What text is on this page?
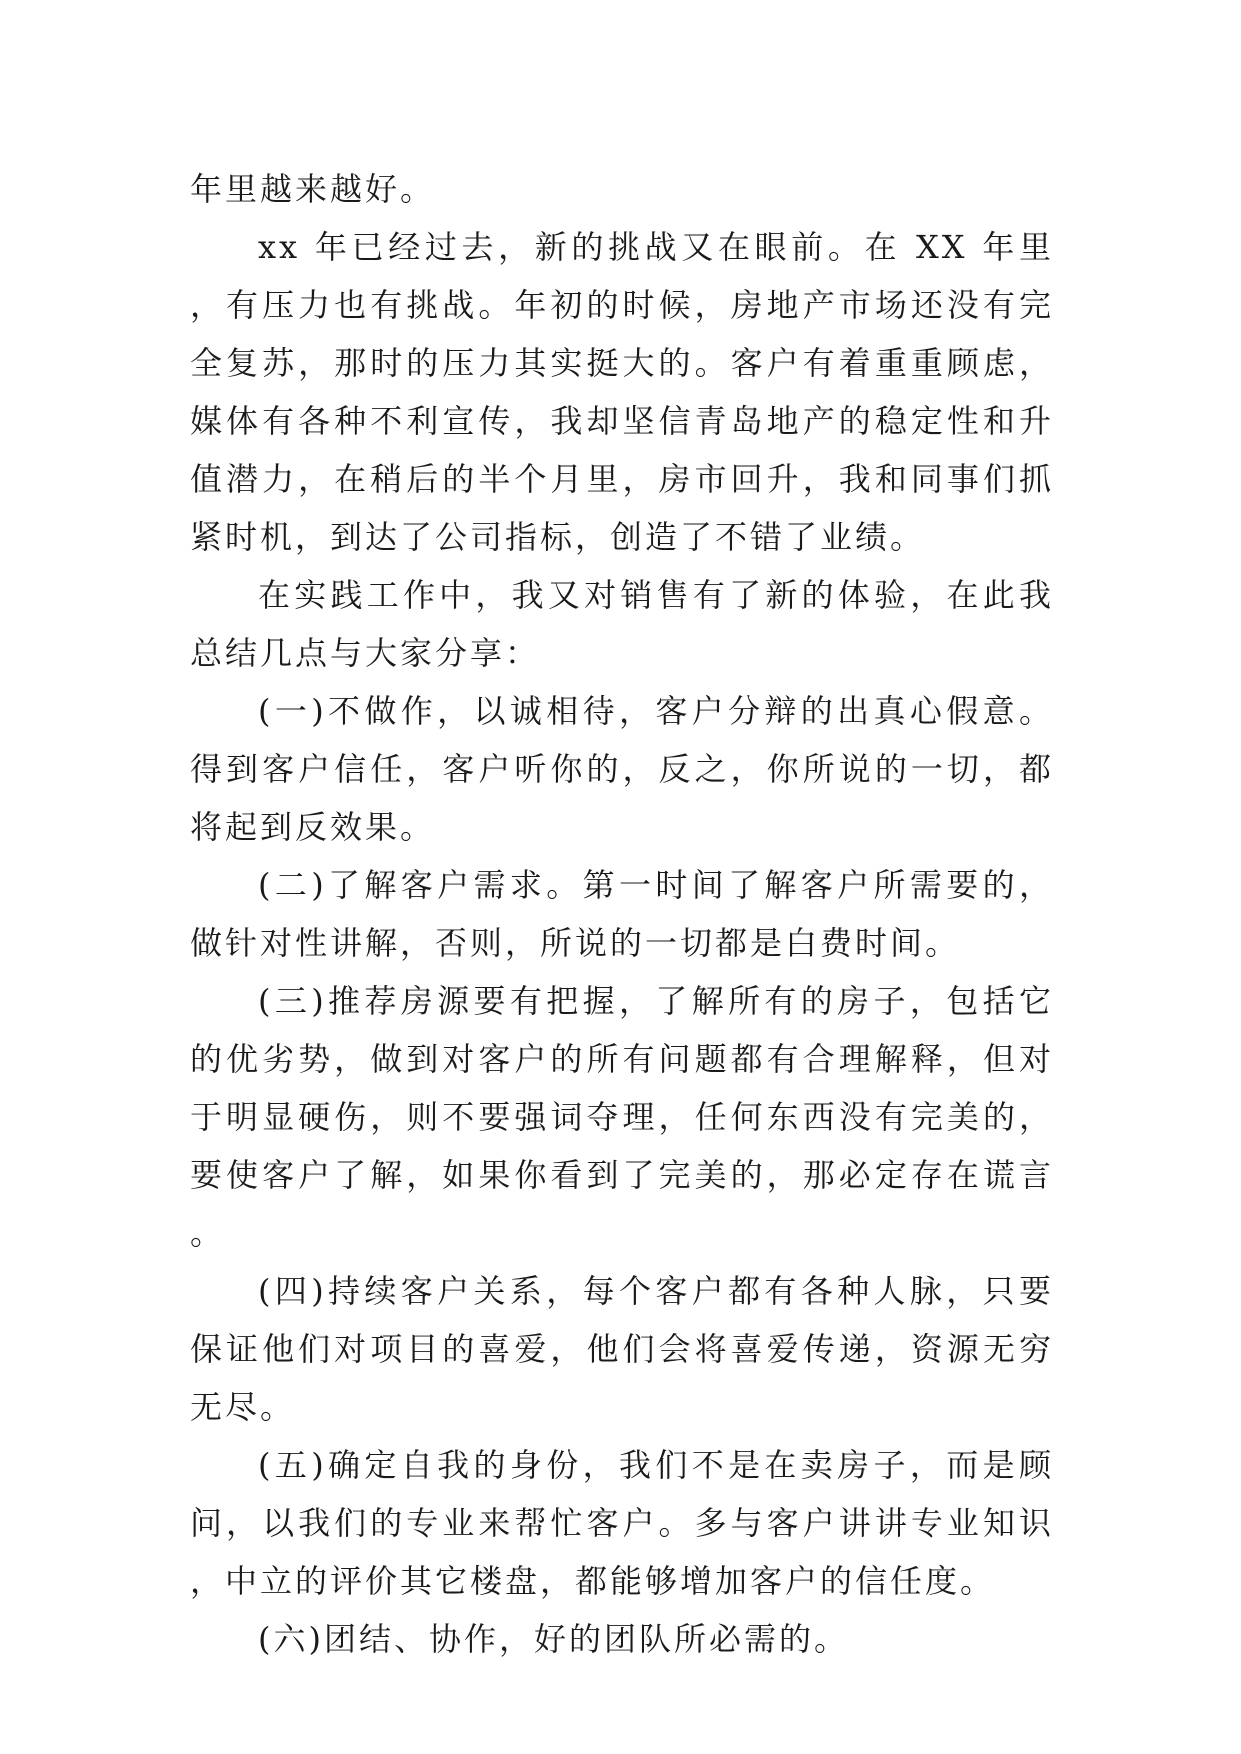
年里越来越好。

xx 年已经过去，新的挑战又在眼前。在 XX 年里，有压力也有挑战。年初的时候，房地产市场还没有完全复苏，那时的压力其实挺大的。客户有着重重顾虑，媒体有各种不利宣传，我却坚信青岛地产的稳定性和升值潜力，在稍后的半个月里，房市回升，我和同事们抓紧时机，到达了公司指标，创造了不错了业绩。

在实践工作中，我又对销售有了新的体验，在此我总结几点与大家分享：

(一)不做作，以诚相待，客户分辩的出真心假意。得到客户信任，客户听你的，反之，你所说的一切，都将起到反效果。

(二)了解客户需求。第一时间了解客户所需要的，做针对性讲解，否则，所说的一切都是白费时间。

(三)推荐房源要有把握，了解所有的房子，包括它的优劣势，做到对客户的所有问题都有合理解释，但对于明显硬伤，则不要强词夺理，任何东西没有完美的，要使客户了解，如果你看到了完美的，那必定存在谎言。

(四)持续客户关系，每个客户都有各种人脉，只要保证他们对项目的喜爱，他们会将喜爱传递，资源无穷无尽。

(五)确定自我的身份，我们不是在卖房子，而是顾问，以我们的专业来帮忙客户。多与客户讲讲专业知识，中立的评价其它楼盘，都能够增加客户的信任度。

(六)团结、协作，好的团队所必需的。
